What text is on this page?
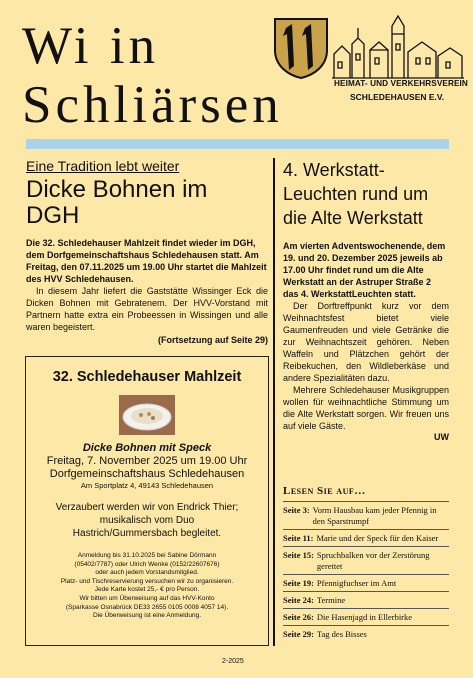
Wi in
Schliärsen	HEIMAT- UND VERKEHRSVEREIN
SCHLEDEHAUSEN E.V.
Eine Tradition lebt weiter
Dicke Bohnen im
DGH

Die 32. Schledehauser Mahlzeit findet wieder im DGH, dem Dorfgemeinschaftshaus Schledehausen statt. Am Freitag, den 07.11.2025 um 19.00 Uhr startet die Mahlzeit des HVV Schledehausen.

In diesem Jahr liefert die Gaststätte Wissinger Eck die Dicken Bohnen mit Gebratenem. Der HVV-Vorstand mit Partnern hatte extra ein Probeessen in Wissingen und alle waren begeistert.

(Fortsetzung auf Seite 29)

32. Schledehauser Mahlzeit
Dicke Bohnen mit Speck
Freitag, 7. November 2025 um 19.00 Uhr
Dorfgemeinschaftshaus Schledehausen
Am Sportplatz 4, 49143 Schledehausen
Verzaubert werden wir von Endrick Thier;
musikalisch vom Duo
Hastrich/Gummersbach begleitet.
Anmeldung bis 31.10.2025 bei Sabine Dörmann
(05402/7787) oder Ulrich Wenke (0152/22607676)
oder auch jedem Vorstandsmitglied.
Platz- und Tischreservierung versuchen wir zu organisieren.
Jede Karte kostet 25,- € pro Person.
Wir bitten um Überweisung auf das HVV-Konto
(Sparkasse Osnabrück DE33 2655 0105 0008 4057 14).
Die Überweisung ist eine Anmeldung.
4. Werkstatt-
Leuchten rund um
die Alte Werkstatt

Am vierten Adventswochenende, dem 19. und 20. Dezember 2025 jeweils ab 17.00 Uhr findet rund um die Alte Werkstatt an der Astruper Straße 2 das 4. WerkstattLeuchten statt.

Der Dorftreffpunkt kurz vor dem Weihnachtsfest bietet viele Gaumenfreuden und viele Getränke die zur Weihnachtszeit gehören. Neben Waffeln und Plätzchen gehört der Reibekuchen, den Wildleberkäse und andere Spezialitäten dazu.

Mehrere Schledehauser Musikgruppen wollen für weihnachtliche Stimmung um die Alte Werkstatt sorgen. Wir freuen uns auf viele Gäste.

UW
Lesen Sie auf…
Seite 3: Vorm Hausbau kam jeder Pfennig in den Sparstrumpf
Seite 11: Marie und der Speck für den Kaiser
Seite 15: Spruchbalken vor der Zerstörung gerettet
Seite 19: Pfennigfuchser im Amt
Seite 24: Termine
Seite 26: Die Hasenjagd in Ellerbirke
Seite 29: Tag des Bisses
2-2025
